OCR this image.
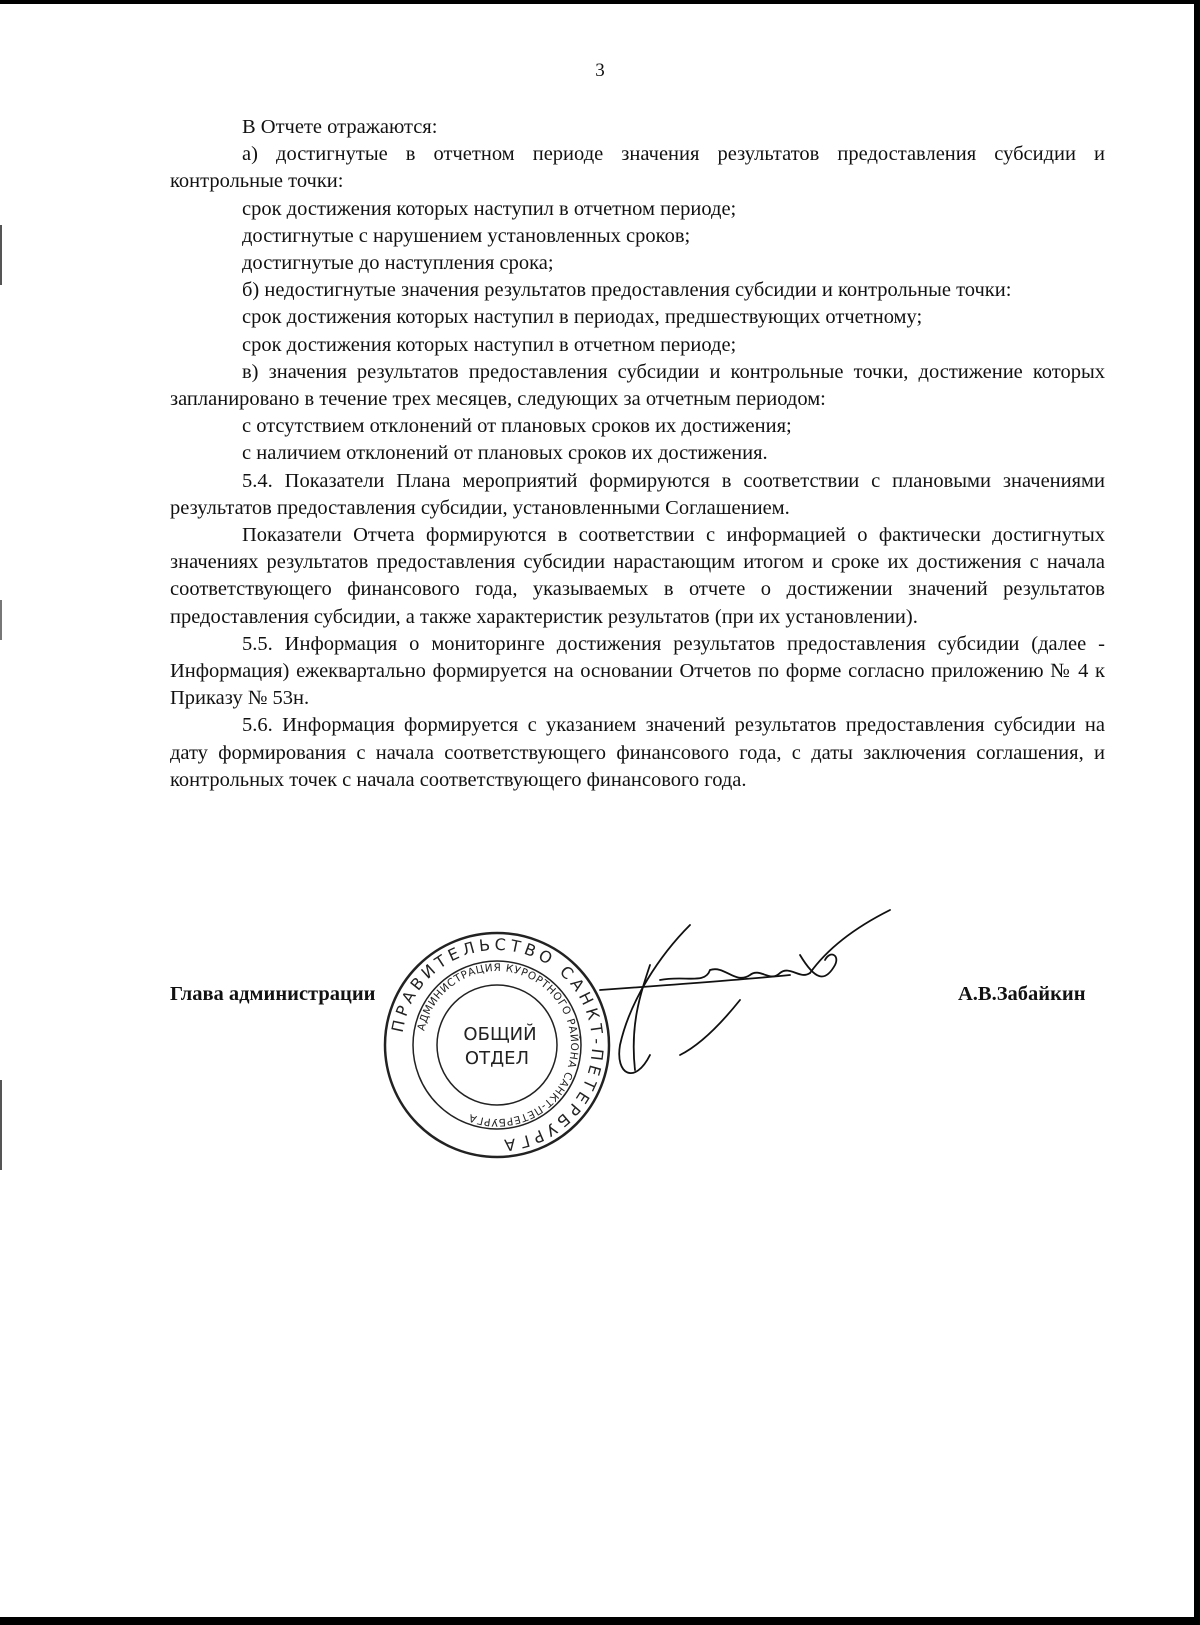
3

В Отчете отражаются:

а) достигнутые в отчетном периоде значения результатов предоставления субсидии и контрольные точки:

срок достижения которых наступил в отчетном периоде;

достигнутые с нарушением установленных сроков;

достигнутые до наступления срока;

б) недостигнутые значения результатов предоставления субсидии и контрольные точки:

срок достижения которых наступил в периодах, предшествующих отчетному;

срок достижения которых наступил в отчетном периоде;

в) значения результатов предоставления субсидии и контрольные точки, достижение которых запланировано в течение трех месяцев, следующих за отчетным периодом:

с отсутствием отклонений от плановых сроков их достижения;

с наличием отклонений от плановых сроков их достижения.

5.4. Показатели Плана мероприятий формируются в соответствии с плановыми значениями результатов предоставления субсидии, установленными Соглашением.

Показатели Отчета формируются в соответствии с информацией о фактически достигнутых значениях результатов предоставления субсидии нарастающим итогом и сроке их достижения с начала соответствующего финансового года, указываемых в отчете о достижении значений результатов предоставления субсидии, а также характеристик результатов (при их установлении).

5.5. Информация о мониторинге достижения результатов предоставления субсидии (далее - Информация) ежеквартально формируется на основании Отчетов по форме согласно приложению № 4 к Приказу № 53н.

5.6. Информация формируется с указанием значений результатов предоставления субсидии на дату формирования с начала соответствующего финансового года, с даты заключения соглашения, и контрольных точек с начала соответствующего финансового года.

Глава администрации	А.В.Забайкин
ПРАВИТЕЛЬСТВО САНКТ-ПЕТЕРБУРГА
АДМИНИСТРАЦИЯ КУРОРТНОГО РАЙОНА САНКТ-ПЕТЕРБУРГА
ОБЩИЙ
ОТДЕЛ
